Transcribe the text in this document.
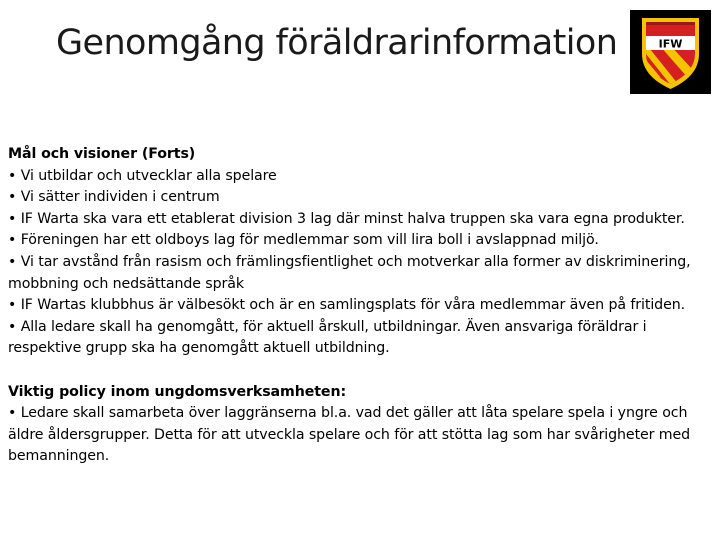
Genomgång föräldrarinformation	IFW
Mål och visioner (Forts)
• Vi utbildar och utvecklar alla spelare
• Vi sätter individen i centrum
• IF Warta ska vara ett etablerat division 3 lag där minst halva truppen ska vara egna produkter.
• Föreningen har ett oldboys lag för medlemmar som vill lira boll i avslappnad miljö.
• Vi tar avstånd från rasism och främlingsfientlighet och motverkar alla former av diskriminering, mobbning och nedsättande språk
• IF Wartas klubbhus är välbesökt och är en samlingsplats för våra medlemmar även på fritiden.
• Alla ledare skall ha genomgått, för aktuell årskull, utbildningar. Även ansvariga föräldrar i respektive grupp ska ha genomgått aktuell utbildning.
Viktig policy inom ungdomsverksamheten:
• Ledare skall samarbeta över laggränserna bl.a. vad det gäller att låta spelare spela i yngre och äldre åldersgrupper. Detta för att utveckla spelare och för att stötta lag som har svårigheter med bemanningen.
